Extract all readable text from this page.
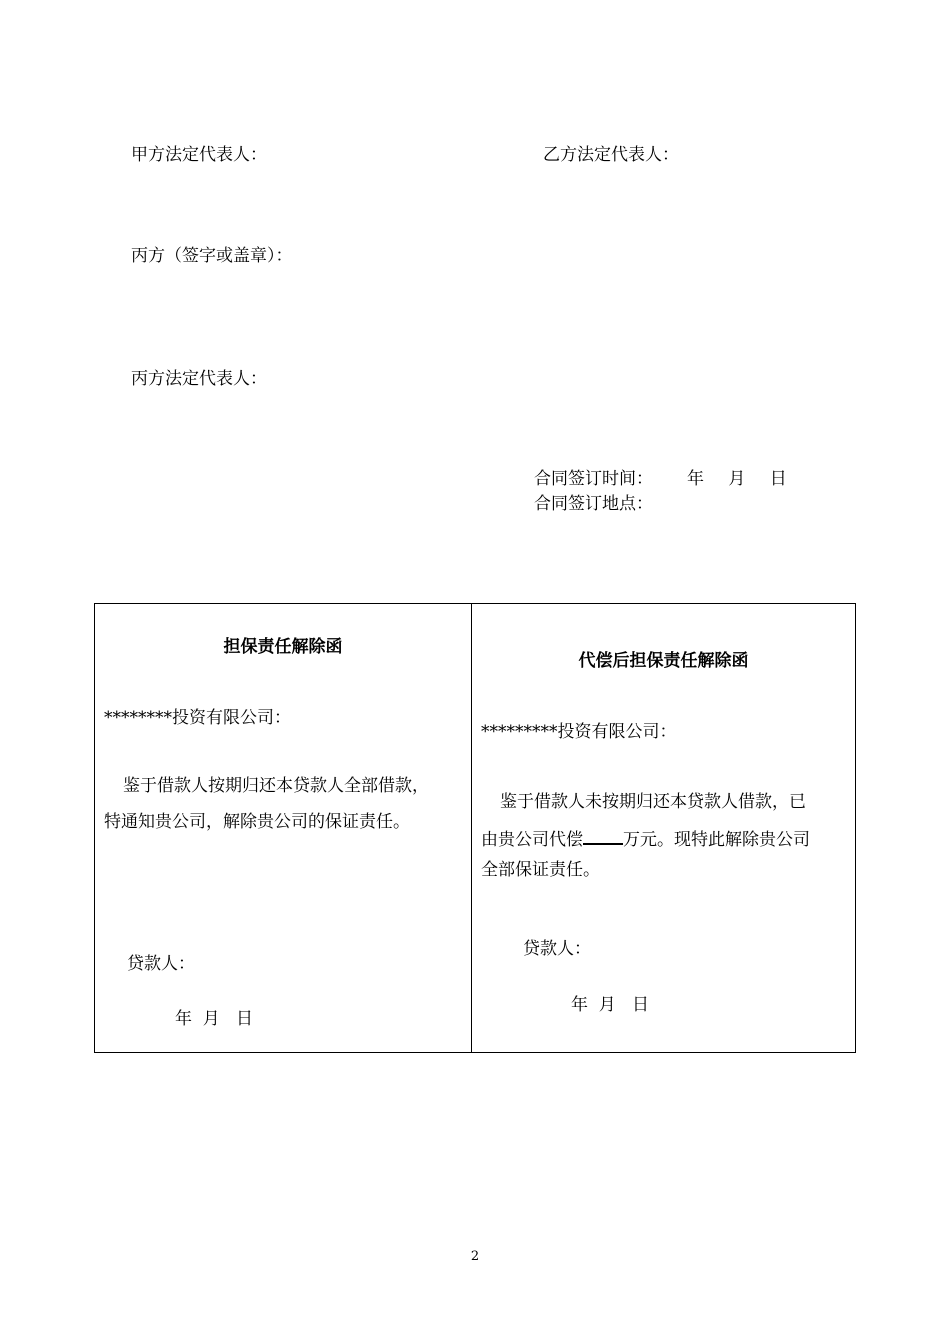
甲方法定代表人：	乙方法定代表人：
丙方（签字或盖章）：
丙方法定代表人：
合同签订时间： 年　 月　 日
合同签订地点：
担保责任解除函
********投资有限公司：
鉴于借款人按期归还本贷款人全部借款，
特通知贵公司，解除贵公司的保证责任。
贷款人：
年  月   日
代偿后担保责任解除函
*********投资有限公司：
鉴于借款人未按期归还本贷款人借款，已
由贵公司代偿 万元。现特此解除贵公司
全部保证责任。
贷款人：
年  月   日
2
